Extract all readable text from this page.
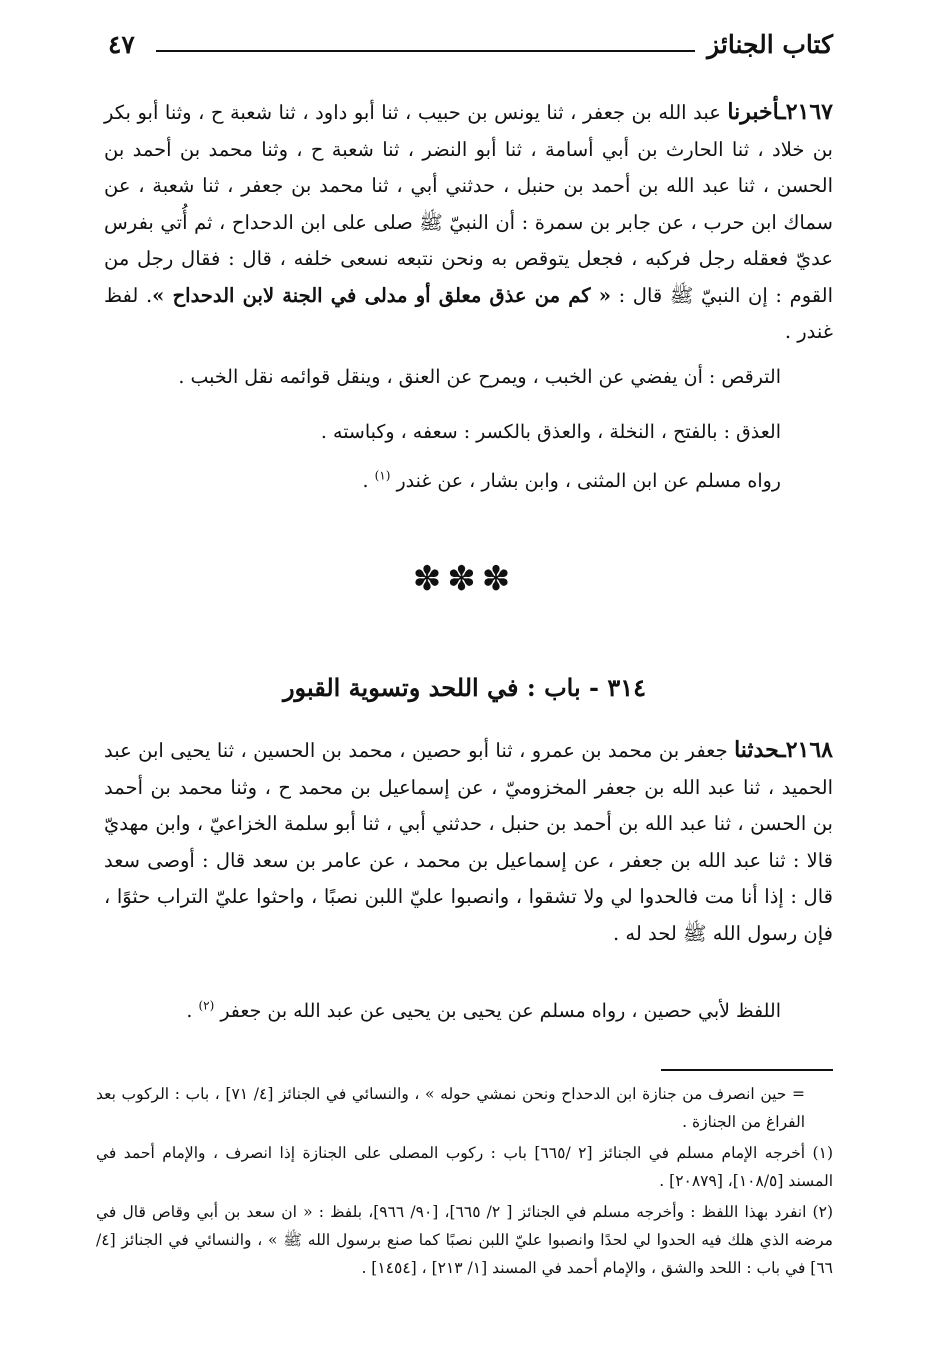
كتاب الجنائز
٤٧
٢١٦٧ـأخبرنا عبد الله بن جعفر ، ثنا يونس بن حبيب ، ثنا أبو داود ، ثنا شعبة ح ، وثنا أبو بكر بن خلاد ، ثنا الحارث بن أبي أسامة ، ثنا أبو النضر ، ثنا شعبة ح ، وثنا محمد بن أحمد بن الحسن ، ثنا عبد الله بن أحمد بن حنبل ، حدثني أبي ، ثنا محمد بن جعفر ، ثنا شعبة ، عن سماك ابن حرب ، عن جابر بن سمرة : أن النبيّ ﷺ صلى على ابن الدحداح ، ثم أُتي بفرس عديّ فعقله رجل فركبه ، فجعل يتوقص به ونحن نتبعه نسعى خلفه ، قال : فقال رجل من القوم : إن النبيّ ﷺ قال : « كم من عذق معلق أو مدلى في الجنة لابن الدحداح ». لفظ غندر .
الترقص : أن يفضي عن الخبب ، ويمرح عن العنق ، وينقل قوائمه نقل الخبب .
العذق : بالفتح ، النخلة ، والعذق بالكسر : سعفه ، وكباسته .
رواه مسلم عن ابن المثنى ، وابن بشار ، عن غندر $^{(١)}$ .
✽✽✽
٣١٤ - باب : في اللحد وتسوية القبور
٢١٦٨ـحدثنا جعفر بن محمد بن عمرو ، ثنا أبو حصين ، محمد بن الحسين ، ثنا يحيى ابن عبد الحميد ، ثنا عبد الله بن جعفر المخزوميّ ، عن إسماعيل بن محمد ح ، وثنا محمد بن أحمد بن الحسن ، ثنا عبد الله بن أحمد بن حنبل ، حدثني أبي ، ثنا أبو سلمة الخزاعيّ ، وابن مهديّ قالا : ثنا عبد الله بن جعفر ، عن إسماعيل بن محمد ، عن عامر بن سعد قال : أوصى سعد قال : إذا أنا مت فالحدوا لي ولا تشقوا ، وانصبوا عليّ اللبن نصبًا ، واحثوا عليّ التراب حثوًا ، فإن رسول الله ﷺ لحد له .
اللفظ لأبي حصين ، رواه مسلم عن يحيى بن يحيى عن عبد الله بن جعفر $^{(٢)}$ .

= حين انصرف من جنازة ابن الدحداح ونحن نمشي حوله » ، والنسائي في الجنائز [٤/ ٧١] ، باب : الركوب بعد الفراغ من الجنازة .

(١) أخرجه الإمام مسلم في الجنائز [٢ /٦٦٥] باب : ركوب المصلى على الجنازة إذا انصرف ، والإمام أحمد في المسند [١٠٨/٥]، [٢٠٨٧٩] .

(٢) انفرد بهذا اللفظ : وأخرجه مسلم في الجنائز [ ٢/ ٦٦٥]، [٩٠/ ٩٦٦]، بلفظ : « ان سعد بن أبي وقاص قال في مرضه الذي هلك فيه الحدوا لي لحدًا وانصبوا عليّ اللبن نصبًا كما صنع برسول الله ﷺ » ، والنسائي في الجنائز [٤/ ٦٦] في باب : اللحد والشق ، والإمام أحمد في المسند [١/ ٢١٣] ، [١٤٥٤] .
